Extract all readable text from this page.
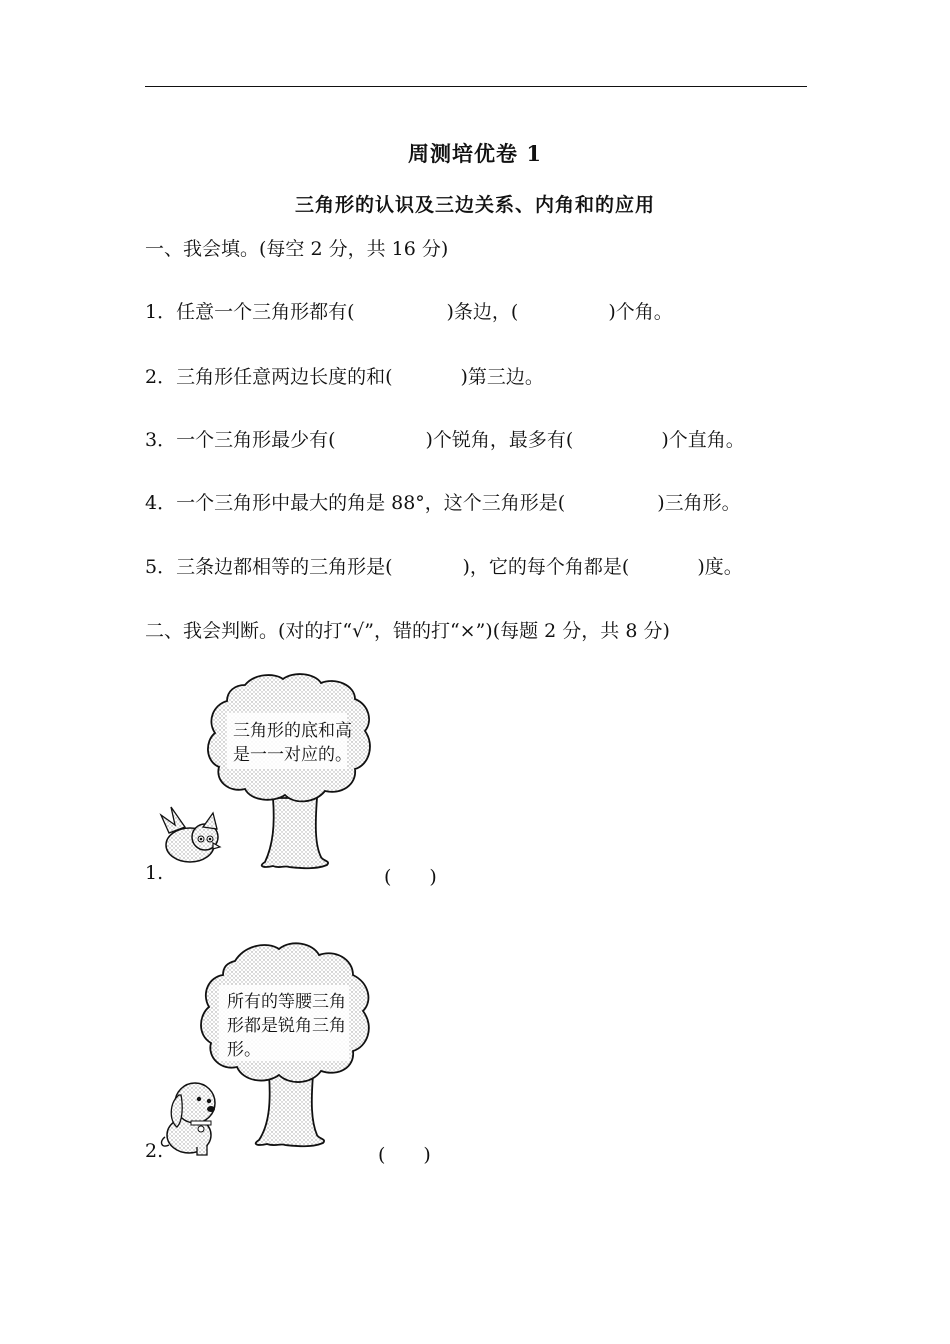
周测培优卷 1
三角形的认识及三边关系、内角和的应用
一、我会填。(每空 2 分，共 16 分)
1．任意一个三角形都有(	)条边，(	)个角。
2．三角形任意两边长度的和(	)第三边。
3．一个三角形最少有(	)个锐角，最多有(	)个直角。
4．一个三角形中最大的角是 88°，这个三角形是(	)三角形。
5．三条边都相等的三角形是(	)，它的每个角都是(	)度。
二、我会判断。(对的打“√”，错的打“×”)(每题 2 分，共 8 分)
三角形的底和高
是一一对应的。
1.	(　　)
所有的等腰三角
形都是锐角三角
形。
2.	(　　)
